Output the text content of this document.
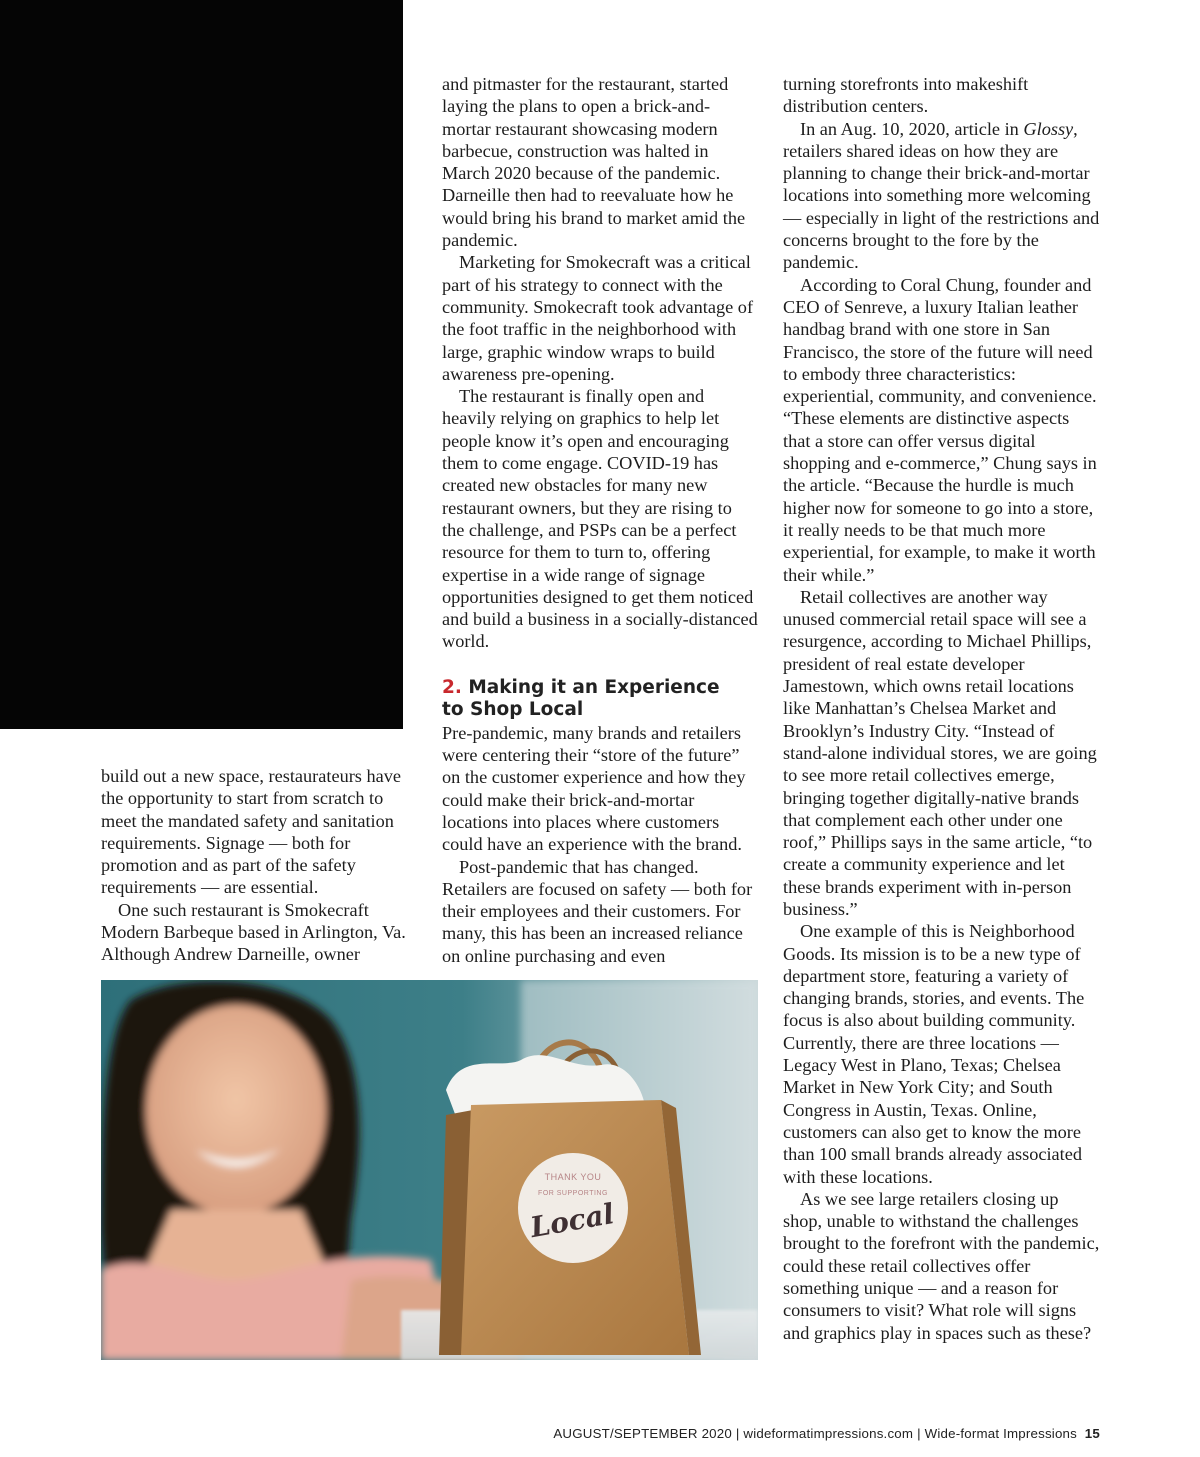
build out a new space, restaurateurs have the opportunity to start from scratch to meet the mandated safety and sanitation requirements. Signage — both for promotion and as part of the safety requirements — are essential.

One such restaurant is Smokecraft Modern Barbeque based in Arlington, Va. Although Andrew Darneille, owner

and pitmaster for the restaurant, started laying the plans to open a brick-and-mortar restaurant showcasing modern barbecue, construction was halted in March 2020 because of the pandemic. Darneille then had to reevaluate how he would bring his brand to market amid the pandemic.

Marketing for Smokecraft was a critical part of his strategy to connect with the community. Smokecraft took advantage of the foot traffic in the neighborhood with large, graphic window wraps to build awareness pre-opening.

The restaurant is finally open and heavily relying on graphics to help let people know it’s open and encouraging them to come engage. COVID-19 has created new obstacles for many new restaurant owners, but they are rising to the challenge, and PSPs can be a perfect resource for them to turn to, offering expertise in a wide range of signage opportunities designed to get them noticed and build a business in a socially-distanced world.

2. Making it an Experience
to Shop Local

Pre-pandemic, many brands and retailers were centering their “store of the future” on the customer experience and how they could make their brick-and-mortar locations into places where customers could have an experience with the brand.

Post-pandemic that has changed. Retailers are focused on safety — both for their employees and their customers. For many, this has been an increased reliance on online purchasing and even

turning storefronts into makeshift distribution centers.

In an Aug. 10, 2020, article in Glossy, retailers shared ideas on how they are planning to change their brick-and-mortar locations into something more welcoming — especially in light of the restrictions and concerns brought to the fore by the pandemic.

According to Coral Chung, founder and CEO of Senreve, a luxury Italian leather handbag brand with one store in San Francisco, the store of the future will need to embody three characteristics: experiential, community, and convenience. “These elements are distinctive aspects that a store can offer versus digital shopping and e-commerce,” Chung says in the article. “Because the hurdle is much higher now for someone to go into a store, it really needs to be that much more experiential, for example, to make it worth their while.”

Retail collectives are another way unused commercial retail space will see a resurgence, according to Michael Phillips, president of real estate developer Jamestown, which owns retail locations like Manhattan’s Chelsea Market and Brooklyn’s Industry City. “Instead of stand-alone individual stores, we are going to see more retail collectives emerge, bringing together digitally-native brands that complement each other under one roof,” Phillips says in the same article, “to create a community experience and let these brands experiment with in-person business.”

One example of this is Neighborhood Goods. Its mission is to be a new type of department store, featuring a variety of changing brands, stories, and events. The focus is also about building community. Currently, there are three locations — Legacy West in Plano, Texas; Chelsea Market in New York City; and South Congress in Austin, Texas. Online, customers can also get to know the more than 100 small brands already associated with these locations.

As we see large retailers closing up shop, unable to withstand the challenges brought to the forefront with the pandemic, could these retail collectives offer something unique — and a reason for consumers to visit? What role will signs and graphics play in spaces such as these?

THANK YOU
FOR SUPPORTING
Local
AUGUST/SEPTEMBER 2020 | wideformatimpressions.com | Wide-format Impressions 15
